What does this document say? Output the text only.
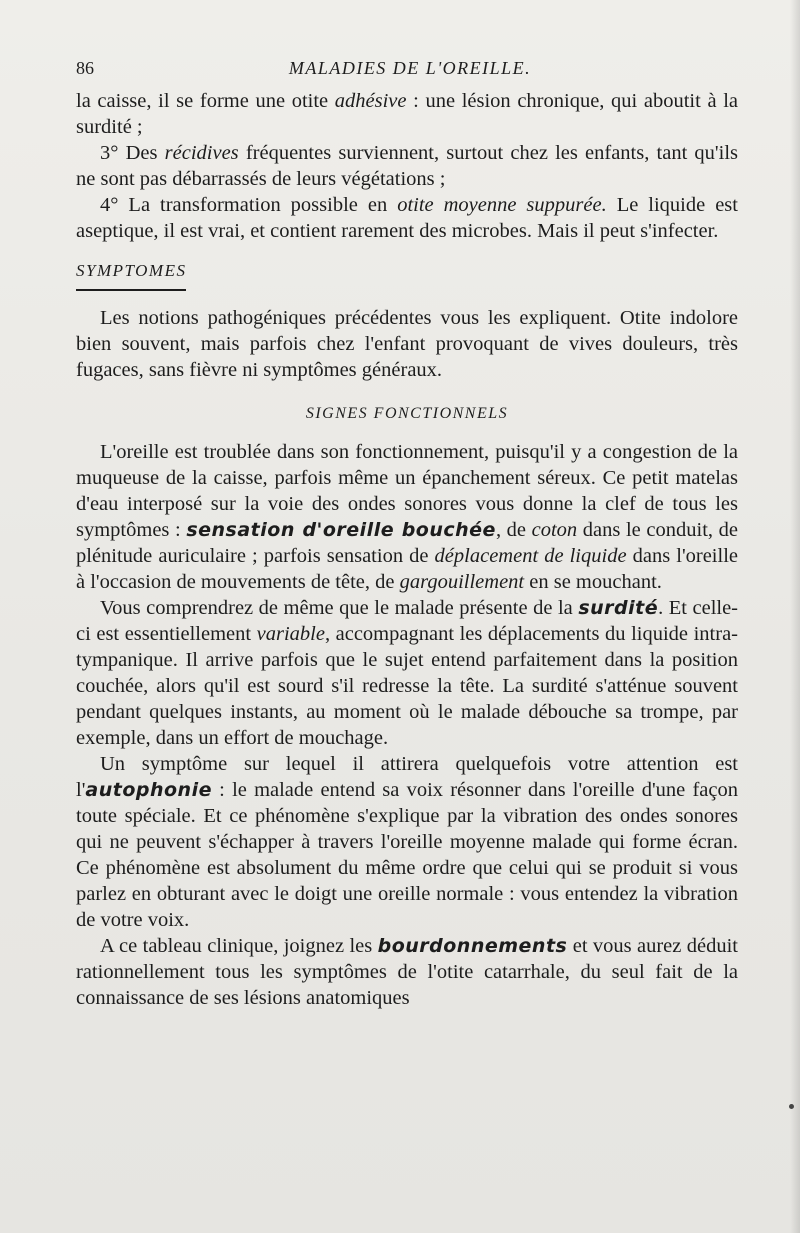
86	MALADIES DE L'OREILLE.

la caisse, il se forme une otite adhésive : une lésion chronique, qui aboutit à la surdité ;

3° Des récidives fréquentes surviennent, surtout chez les enfants, tant qu'ils ne sont pas débarrassés de leurs végétations ;

4° La transformation possible en otite moyenne suppurée. Le liquide est aseptique, il est vrai, et contient rarement des microbes. Mais il peut s'infecter.

SYMPTOMES

Les notions pathogéniques précédentes vous les expliquent. Otite indolore bien souvent, mais parfois chez l'enfant provoquant de vives douleurs, très fugaces, sans fièvre ni symptômes généraux.

SIGNES FONCTIONNELS

L'oreille est troublée dans son fonctionnement, puisqu'il y a congestion de la muqueuse de la caisse, parfois même un épanchement séreux. Ce petit matelas d'eau interposé sur la voie des ondes sonores vous donne la clef de tous les symptômes : sensation d'oreille bouchée, de coton dans le conduit, de plénitude auriculaire ; parfois sensation de déplacement de liquide dans l'oreille à l'occasion de mouvements de tête, de gargouillement en se mouchant.

Vous comprendrez de même que le malade présente de la surdité. Et celle-ci est essentiellement variable, accompagnant les déplacements du liquide intra-tympanique. Il arrive parfois que le sujet entend parfaitement dans la position couchée, alors qu'il est sourd s'il redresse la tête. La surdité s'atténue souvent pendant quelques instants, au moment où le malade débouche sa trompe, par exemple, dans un effort de mouchage.

Un symptôme sur lequel il attirera quelquefois votre attention est l'autophonie : le malade entend sa voix résonner dans l'oreille d'une façon toute spéciale. Et ce phénomène s'explique par la vibration des ondes sonores qui ne peuvent s'échapper à travers l'oreille moyenne malade qui forme écran. Ce phénomène est absolument du même ordre que celui qui se produit si vous parlez en obturant avec le doigt une oreille normale : vous entendez la vibration de votre voix.

A ce tableau clinique, joignez les bourdonnements et vous aurez déduit rationnellement tous les symptômes de l'otite catarrhale, du seul fait de la connaissance de ses lésions anatomiques
